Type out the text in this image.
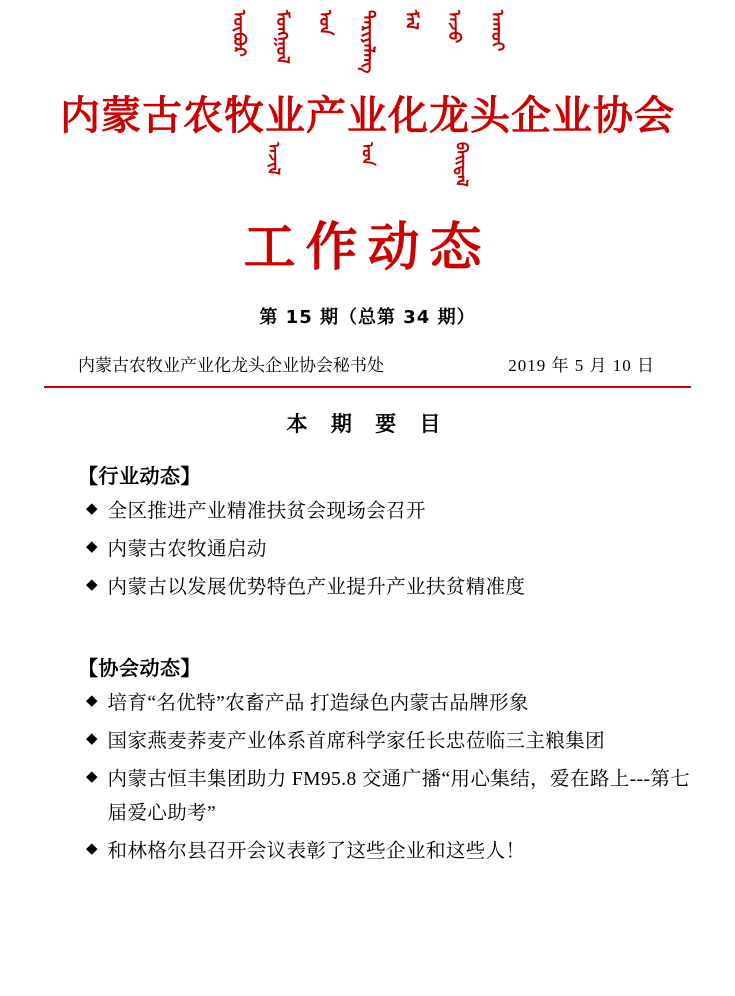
ᠦᠪᠦᠷ ᠮᠣᠩᠭᠣᠯ ᠤᠨ ᠲᠠᠷᠢᠶᠠᠯᠠᠩ ᠮᠠᠯ ᠠᠵᠤ ᠠᠬᠣᠢ
内蒙古农牧业产业化龙头企业协会
ᠠᠵᠢᠯ	ᠤᠨ	ᠪᠠᠢᠳᠠᠯ
工作动态
第 15 期（总第 34 期）
内蒙古农牧业产业化龙头企业协会秘书处	2019 年 5 月 10 日
本 期 要 目
【行业动态】
◆ 全区推进产业精准扶贫会现场会召开
◆ 内蒙古农牧通启动
◆ 内蒙古以发展优势特色产业提升产业扶贫精准度
【协会动态】
◆ 培育“名优特”农畜产品 打造绿色内蒙古品牌形象
◆ 国家燕麦荞麦产业体系首席科学家任长忠莅临三主粮集团
◆ 内蒙古恒丰集团助力 FM95.8 交通广播“用心集结，爱在路上---第七届爱心助考”
◆ 和林格尔县召开会议表彰了这些企业和这些人！
